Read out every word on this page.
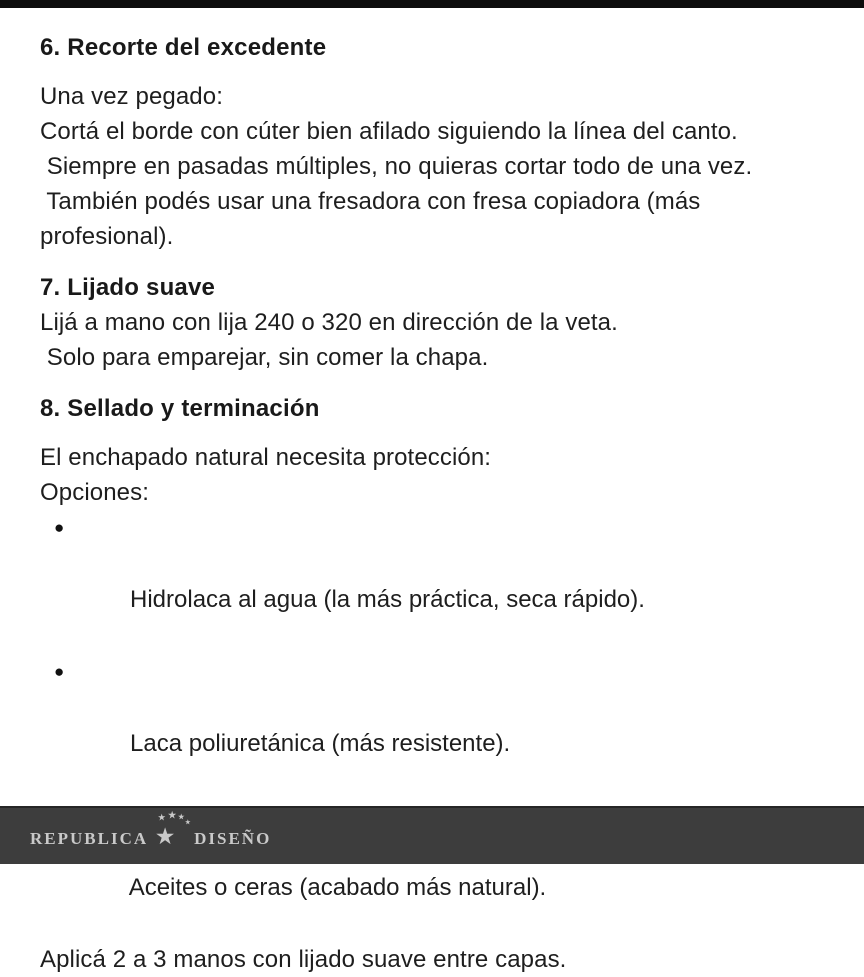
6. Recorte del excedente

Una vez pegado:
Cortá el borde con cúter bien afilado siguiendo la línea del canto.
Siempre en pasadas múltiples, no quieras cortar todo de una vez.
También podés usar una fresadora con fresa copiadora (más
profesional).

7. Lijado suave

Lijá a mano con lija 240 o 320 en dirección de la veta.
Solo para emparejar, sin comer la chapa.

8. Sellado y terminación

El enchapado natural necesita protección:
Opciones:

●

Hidrolaca al agua (la más práctica, seca rápido).

●

Laca poliuretánica (más resistente).

Aceites o ceras (acabado más natural).

Aplicá 2 a 3 manos con lijado suave entre capas.

REPUBLICA ★
★ ★ ★
★
DISEÑO
